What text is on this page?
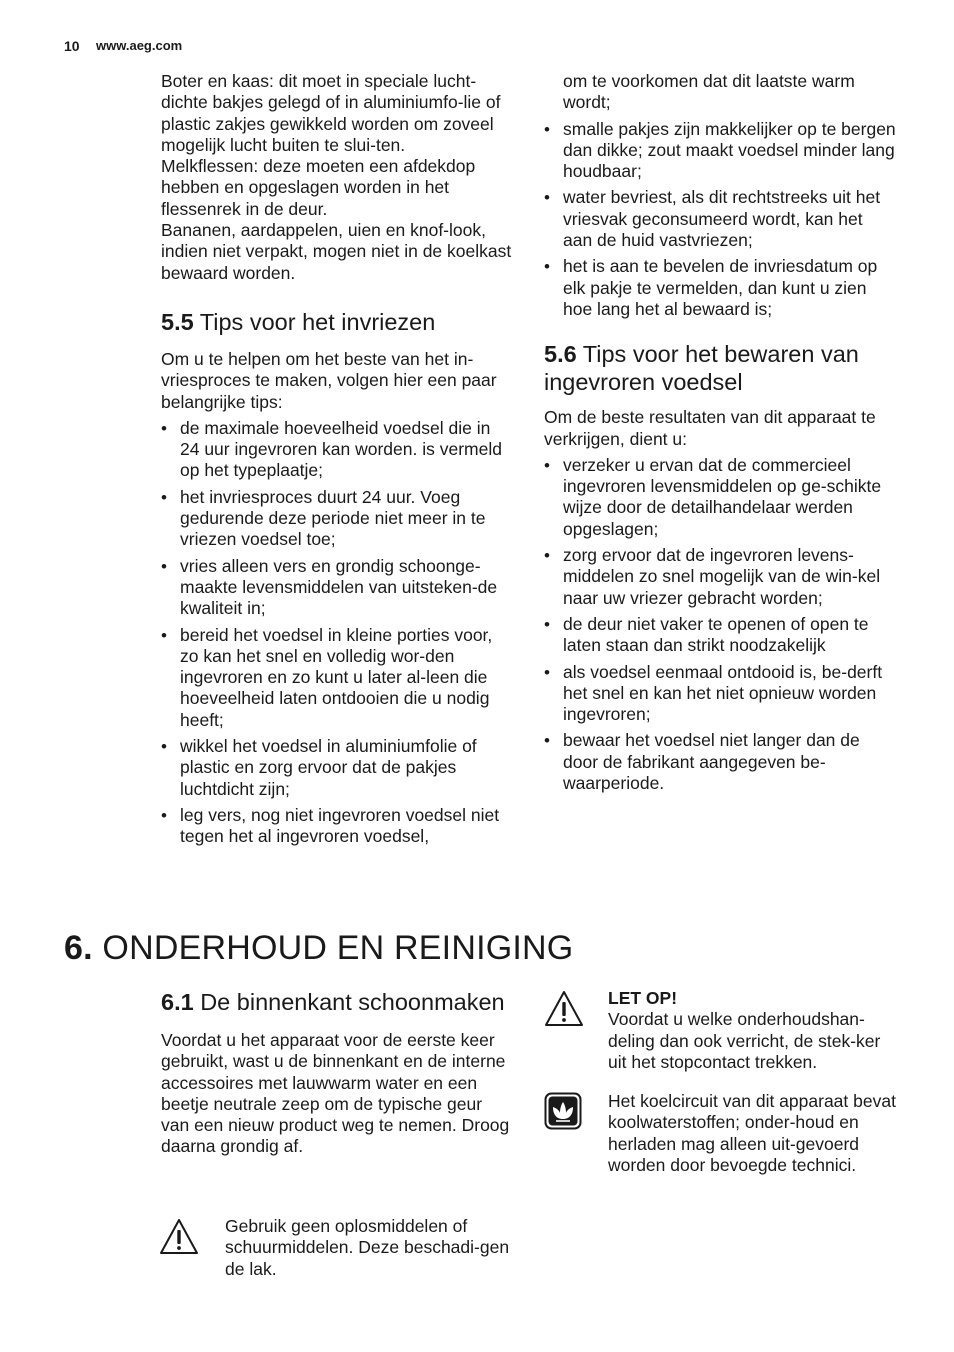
10 www.aeg.com

Boter en kaas: dit moet in speciale lucht-dichte bakjes gelegd of in aluminiumfo-lie of plastic zakjes gewikkeld worden om zoveel mogelijk lucht buiten te slui-ten.

Melkflessen: deze moeten een afdekdop hebben en opgeslagen worden in het flessenrek in de deur.

Bananen, aardappelen, uien en knof-look, indien niet verpakt, mogen niet in de koelkast bewaard worden.

5.5 Tips voor het invriezen

Om u te helpen om het beste van het in-vriesproces te maken, volgen hier een paar belangrijke tips:

• de maximale hoeveelheid voedsel die in 24 uur ingevroren kan worden. is vermeld op het typeplaatje;
• het invriesproces duurt 24 uur. Voeg gedurende deze periode niet meer in te vriezen voedsel toe;
• vries alleen vers en grondig schoonge-maakte levensmiddelen van uitsteken-de kwaliteit in;
• bereid het voedsel in kleine porties voor, zo kan het snel en volledig wor-den ingevroren en zo kunt u later al-leen die hoeveelheid laten ontdooien die u nodig heeft;
• wikkel het voedsel in aluminiumfolie of plastic en zorg ervoor dat de pakjes luchtdicht zijn;
• leg vers, nog niet ingevroren voedsel niet tegen het al ingevroren voedsel,

om te voorkomen dat dit laatste warm wordt;

• smalle pakjes zijn makkelijker op te bergen dan dikke; zout maakt voedsel minder lang houdbaar;
• water bevriest, als dit rechtstreeks uit het vriesvak geconsumeerd wordt, kan het aan de huid vastvriezen;
• het is aan te bevelen de invriesdatum op elk pakje te vermelden, dan kunt u zien hoe lang het al bewaard is;
5.6 Tips voor het bewaren van ingevroren voedsel

Om de beste resultaten van dit apparaat te verkrijgen, dient u:

• verzeker u ervan dat de commercieel ingevroren levensmiddelen op ge-schikte wijze door de detailhandelaar werden opgeslagen;
• zorg ervoor dat de ingevroren levens-middelen zo snel mogelijk van de win-kel naar uw vriezer gebracht worden;
• de deur niet vaker te openen of open te laten staan dan strikt noodzakelijk
• als voedsel eenmaal ontdooid is, be-derft het snel en kan het niet opnieuw worden ingevroren;
• bewaar het voedsel niet langer dan de door de fabrikant aangegeven be-waarperiode.
6. ONDERHOUD EN REINIGING
6.1 De binnenkant schoonmaken

Voordat u het apparaat voor de eerste keer gebruikt, wast u de binnenkant en de interne accessoires met lauwwarm water en een beetje neutrale zeep om de typische geur van een nieuw product weg te nemen. Droog daarna grondig af.

Gebruik geen oplosmiddelen of schuurmiddelen. Deze beschadi-gen de lak.
LET OP!
Voordat u welke onderhoudshan-deling dan ook verricht, de stek-ker uit het stopcontact trekken.
Het koelcircuit van dit apparaat bevat koolwaterstoffen; onder-houd en herladen mag alleen uit-gevoerd worden door bevoegde technici.
